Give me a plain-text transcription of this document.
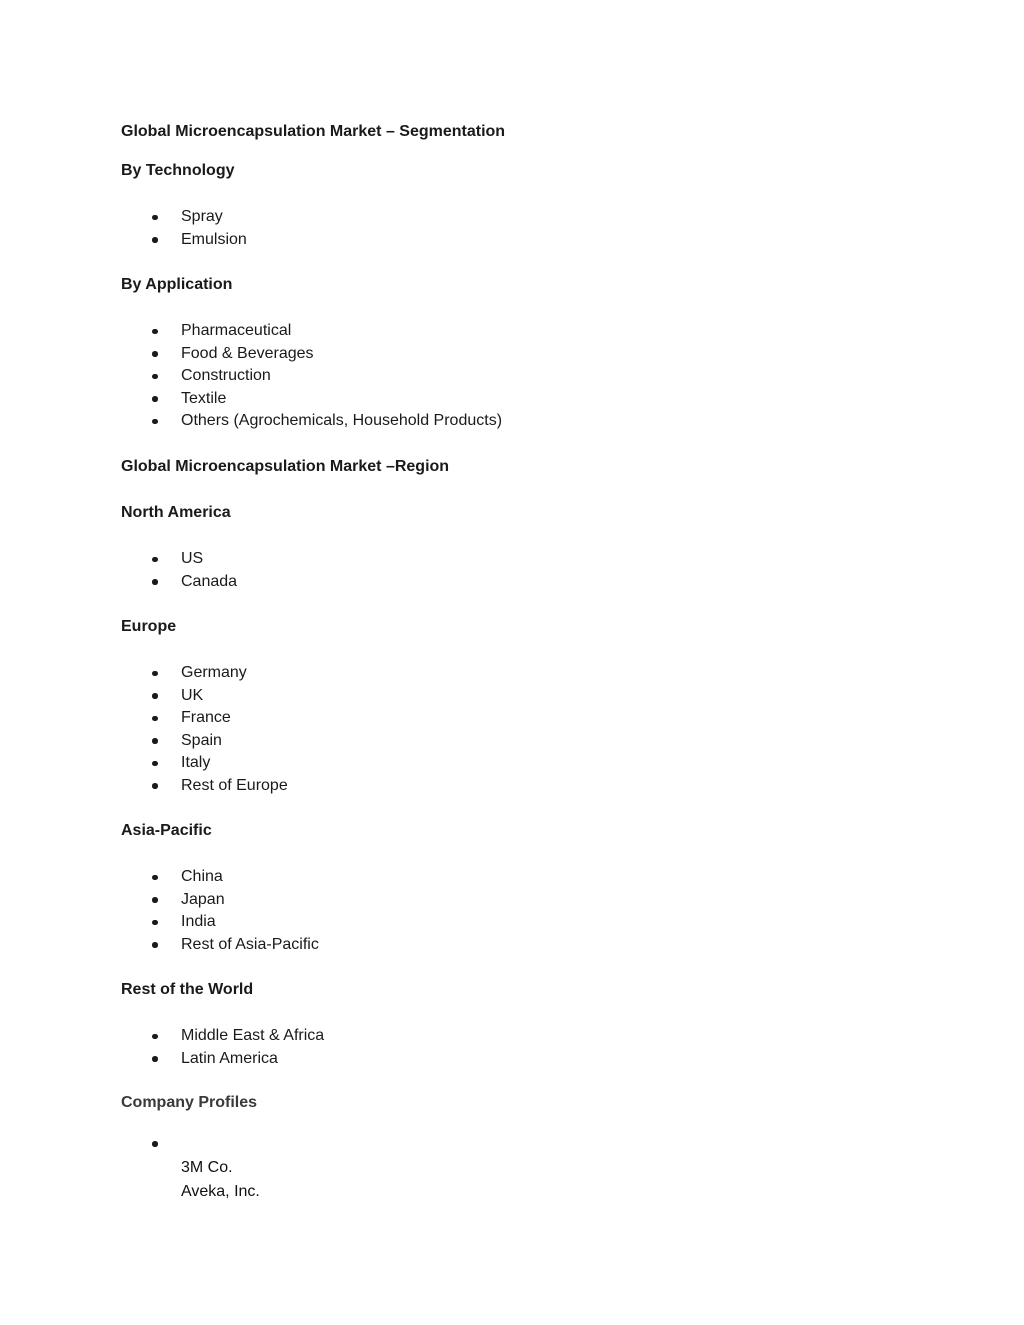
Global Microencapsulation Market – Segmentation
By Technology
Spray
Emulsion
By Application
Pharmaceutical
Food & Beverages
Construction
Textile
Others (Agrochemicals, Household Products)
Global Microencapsulation Market –Region
North America
US
Canada
Europe
Germany
UK
France
Spain
Italy
Rest of Europe
Asia-Pacific
China
Japan
India
Rest of Asia-Pacific
Rest of the World
Middle East & Africa
Latin America
Company Profiles
3M Co.
Aveka, Inc.
